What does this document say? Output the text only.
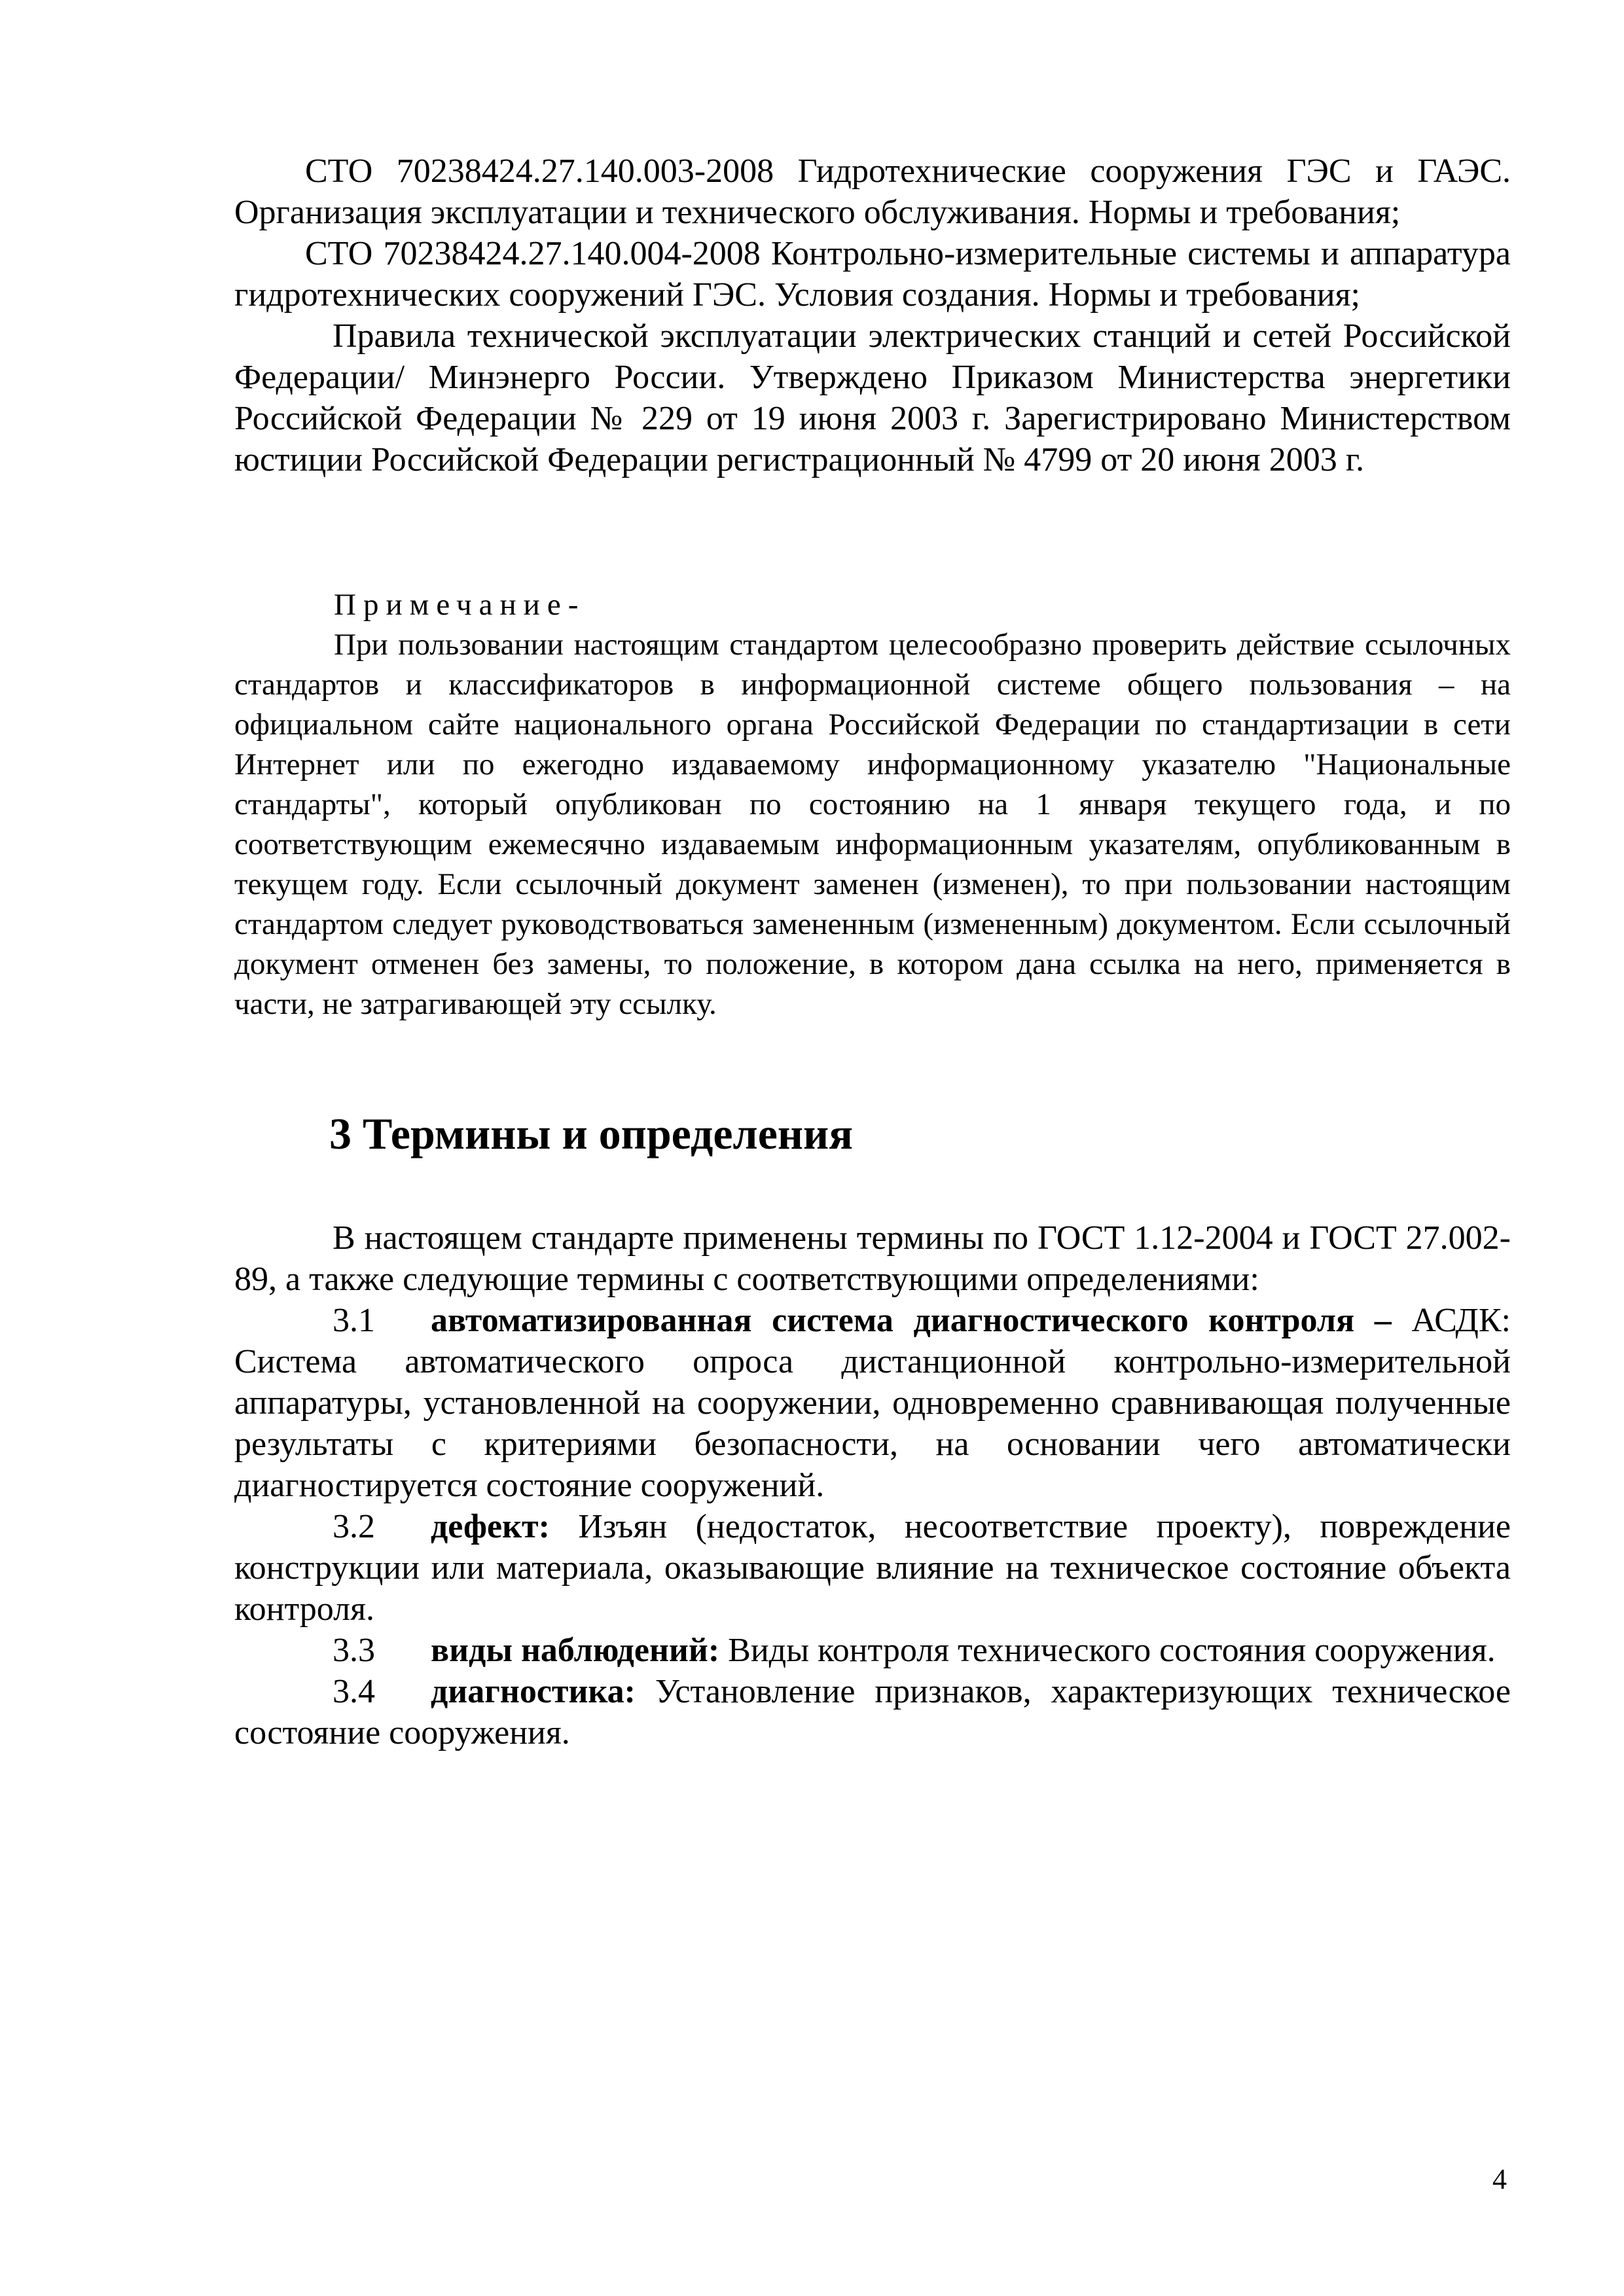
СТО 70238424.27.140.003-2008 Гидротехнические сооружения ГЭС и ГАЭС. Организация эксплуатации и технического обслуживания. Нормы и требования;

СТО 70238424.27.140.004-2008 Контрольно-измерительные системы и аппаратура гидротехнических сооружений ГЭС. Условия создания. Нормы и требования;

Правила технической эксплуатации электрических станций и сетей Российской Федерации/ Минэнерго России. Утверждено Приказом Министерства энергетики Российской Федерации № 229 от 19 июня 2003 г. Зарегистрировано Министерством юстиции Российской Федерации регистрационный № 4799 от 20 июня 2003 г.

Примечание-

При пользовании настоящим стандартом целесообразно проверить действие ссылочных стандартов и классификаторов в информационной системе общего пользования – на официальном сайте национального органа Российской Федерации по стандартизации в сети Интернет или по ежегодно издаваемому информационному указателю "Национальные стандарты", который опубликован по состоянию на 1 января текущего года, и по соответствующим ежемесячно издаваемым информационным указателям, опубликованным в текущем году. Если ссылочный документ заменен (изменен), то при пользовании настоящим стандартом следует руководствоваться замененным (измененным) документом. Если ссылочный документ отменен без замены, то положение, в котором дана ссылка на него, применяется в части, не затрагивающей эту ссылку.

3 Термины и определения

В настоящем стандарте применены термины по ГОСТ 1.12-2004 и ГОСТ 27.002-89, а также следующие термины с соответствующими определениями:

3.1 автоматизированная система диагностического контроля – АСДК: Система автоматического опроса дистанционной контрольно-измерительной аппаратуры, установленной на сооружении, одновременно сравнивающая полученные результаты с критериями безопасности, на основании чего автоматически диагностируется состояние сооружений.

3.2 дефект: Изъян (недостаток, несоответствие проекту), повреждение конструкции или материала, оказывающие влияние на техническое состояние объекта контроля.

3.3 виды наблюдений: Виды контроля технического состояния сооружения.

3.4 диагностика: Установление признаков, характеризующих техническое состояние сооружения.

4
